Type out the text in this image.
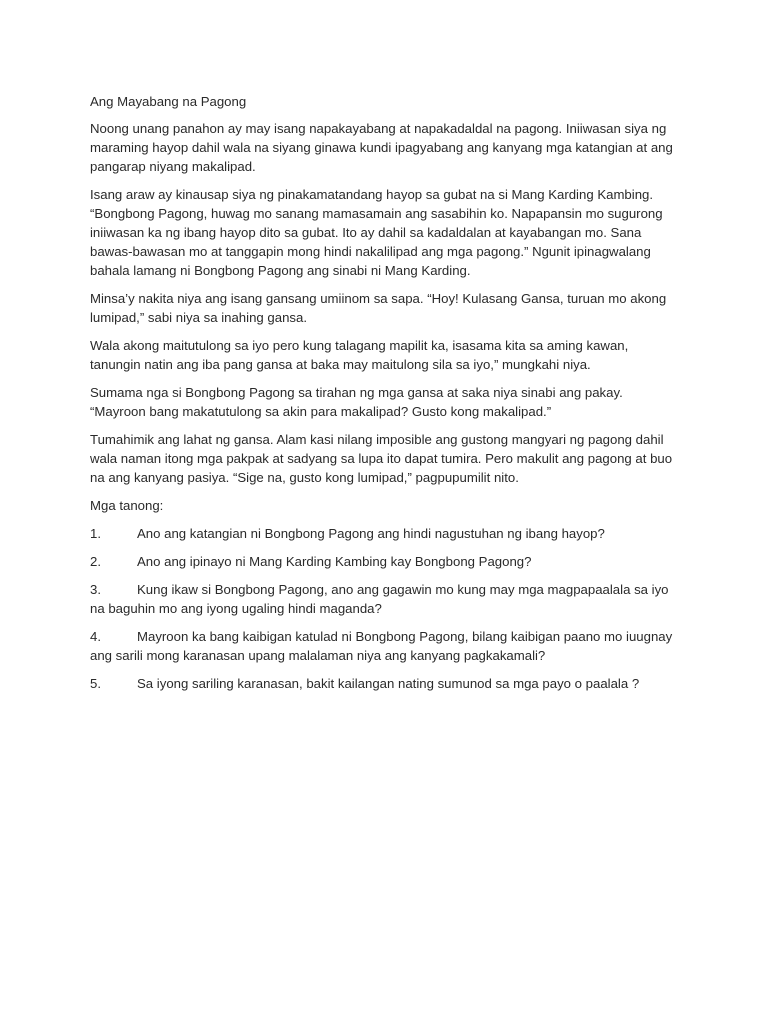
Ang Mayabang na Pagong

Noong unang panahon ay may isang napakayabang at napakadaldal na pagong. Iniiwasan siya ng maraming hayop dahil wala na siyang ginawa kundi ipagyabang ang kanyang mga katangian at ang pangarap niyang makalipad.

Isang araw ay kinausap siya ng pinakamatandang hayop sa gubat na si Mang Karding Kambing. “Bongbong Pagong, huwag mo sanang mamasamain ang sasabihin ko. Napapansin mo sugurong iniiwasan ka ng ibang hayop dito sa gubat. Ito ay dahil sa kadaldalan at kayabangan mo. Sana bawas-bawasan mo at tanggapin mong hindi nakalilipad ang mga pagong.” Ngunit ipinagwalang bahala lamang ni Bongbong Pagong ang sinabi ni Mang Karding.

Minsa’y nakita niya ang isang gansang umiinom sa sapa. “Hoy! Kulasang Gansa, turuan mo akong lumipad,” sabi niya sa inahing gansa.

Wala akong maitutulong sa iyo pero kung talagang mapilit ka, isasama kita sa aming kawan, tanungin natin ang iba pang gansa at baka may maitulong sila sa iyo,” mungkahi niya.

Sumama nga si Bongbong Pagong sa tirahan ng mga gansa at saka niya sinabi ang pakay. “Mayroon bang makatutulong sa akin para makalipad? Gusto kong makalipad.”

Tumahimik ang lahat ng gansa. Alam kasi nilang imposible ang gustong mangyari ng pagong dahil wala naman itong mga pakpak at sadyang sa lupa ito dapat tumira. Pero makulit ang pagong at buo na ang kanyang pasiya. “Sige na, gusto kong lumipad,” pagpupumilit nito.

Mga tanong:

1.	Ano ang katangian ni Bongbong Pagong ang hindi nagustuhan ng ibang hayop?

2.	Ano ang ipinayo ni Mang Karding Kambing kay Bongbong Pagong?

3.	Kung ikaw si Bongbong Pagong, ano ang gagawin mo kung may mga magpapaalala sa iyo na baguhin mo ang iyong ugaling hindi maganda?

4.	Mayroon ka bang kaibigan katulad ni Bongbong Pagong, bilang kaibigan paano mo iuugnay ang sarili mong karanasan upang malalaman niya ang kanyang pagkakamali?

5.	Sa iyong sariling karanasan, bakit kailangan nating sumunod sa mga payo o paalala ?
